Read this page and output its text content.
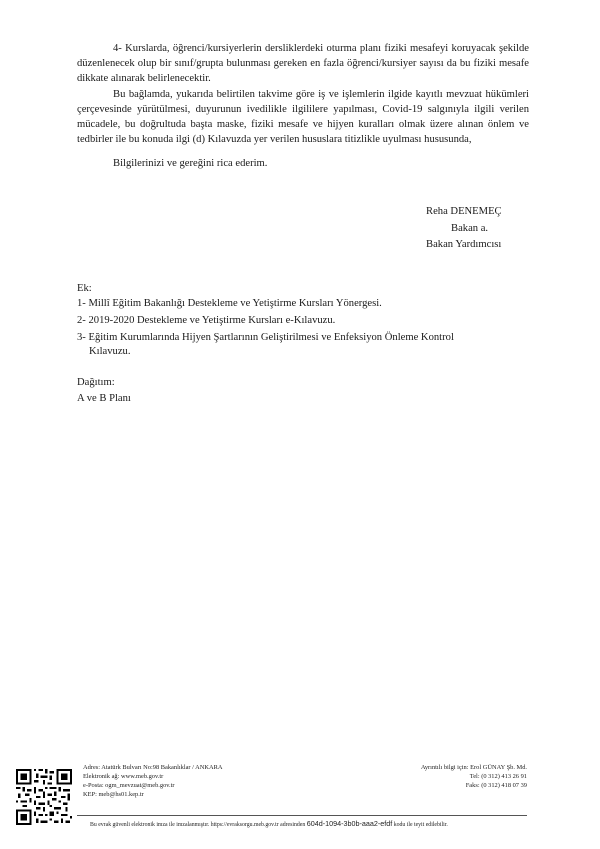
4- Kurslarda, öğrenci/kursiyerlerin dersliklerdeki oturma planı fiziki mesafeyi koruyacak şekilde düzenlenecek olup bir sınıf/grupta bulunması gereken en fazla öğrenci/kursiyer sayısı da bu fiziki mesafe dikkate alınarak belirlenecektir.

Bu bağlamda, yukarıda belirtilen takvime göre iş ve işlemlerin ilgide kayıtlı mevzuat hükümleri çerçevesinde yürütülmesi, duyurunun ivedilikle ilgililere yapılması, Covid-19 salgınıyla ilgili verilen mücadele, bu doğrultuda başta maske, fiziki mesafe ve hijyen kuralları olmak üzere alınan önlem ve tedbirler ile bu konuda ilgi (d) Kılavuzda yer verilen hususlara titizlikle uyulması hususunda,

Bilgilerinizi ve gereğini rica ederim.

Reha DENEMEÇ
Bakan a.
Bakan Yardımcısı
Ek:
1- Millî Eğitim Bakanlığı Destekleme ve Yetiştirme Kursları Yönergesi.
2- 2019-2020 Destekleme ve Yetiştirme Kursları e-Kılavuzu.
3- Eğitim Kurumlarında Hijyen Şartlarının Geliştirilmesi ve Enfeksiyon Önleme Kontrol
Kılavuzu.
Dağıtım:
A ve B Planı
Adres: Atatürk Bulvarı No:98 Bakanlıklar / ANKARA
Elektronik ağ: www.meb.gov.tr
e-Posta: ogm_mevzuat@meb.gov.tr
KEP: meb@hs01.kep.tr
Ayrıntılı bilgi için: Erol GÜNAY Şb. Md.
Tel: (0 312) 413 26 91
Faks: (0 312) 418 07 39
Bu evrak güvenli elektronik imza ile imzalanmıştır. https://evraksorgu.meb.gov.tr adresinden 604d-1094-3b0b-aaa2-efdf kodu ile teyit edilebilir.
